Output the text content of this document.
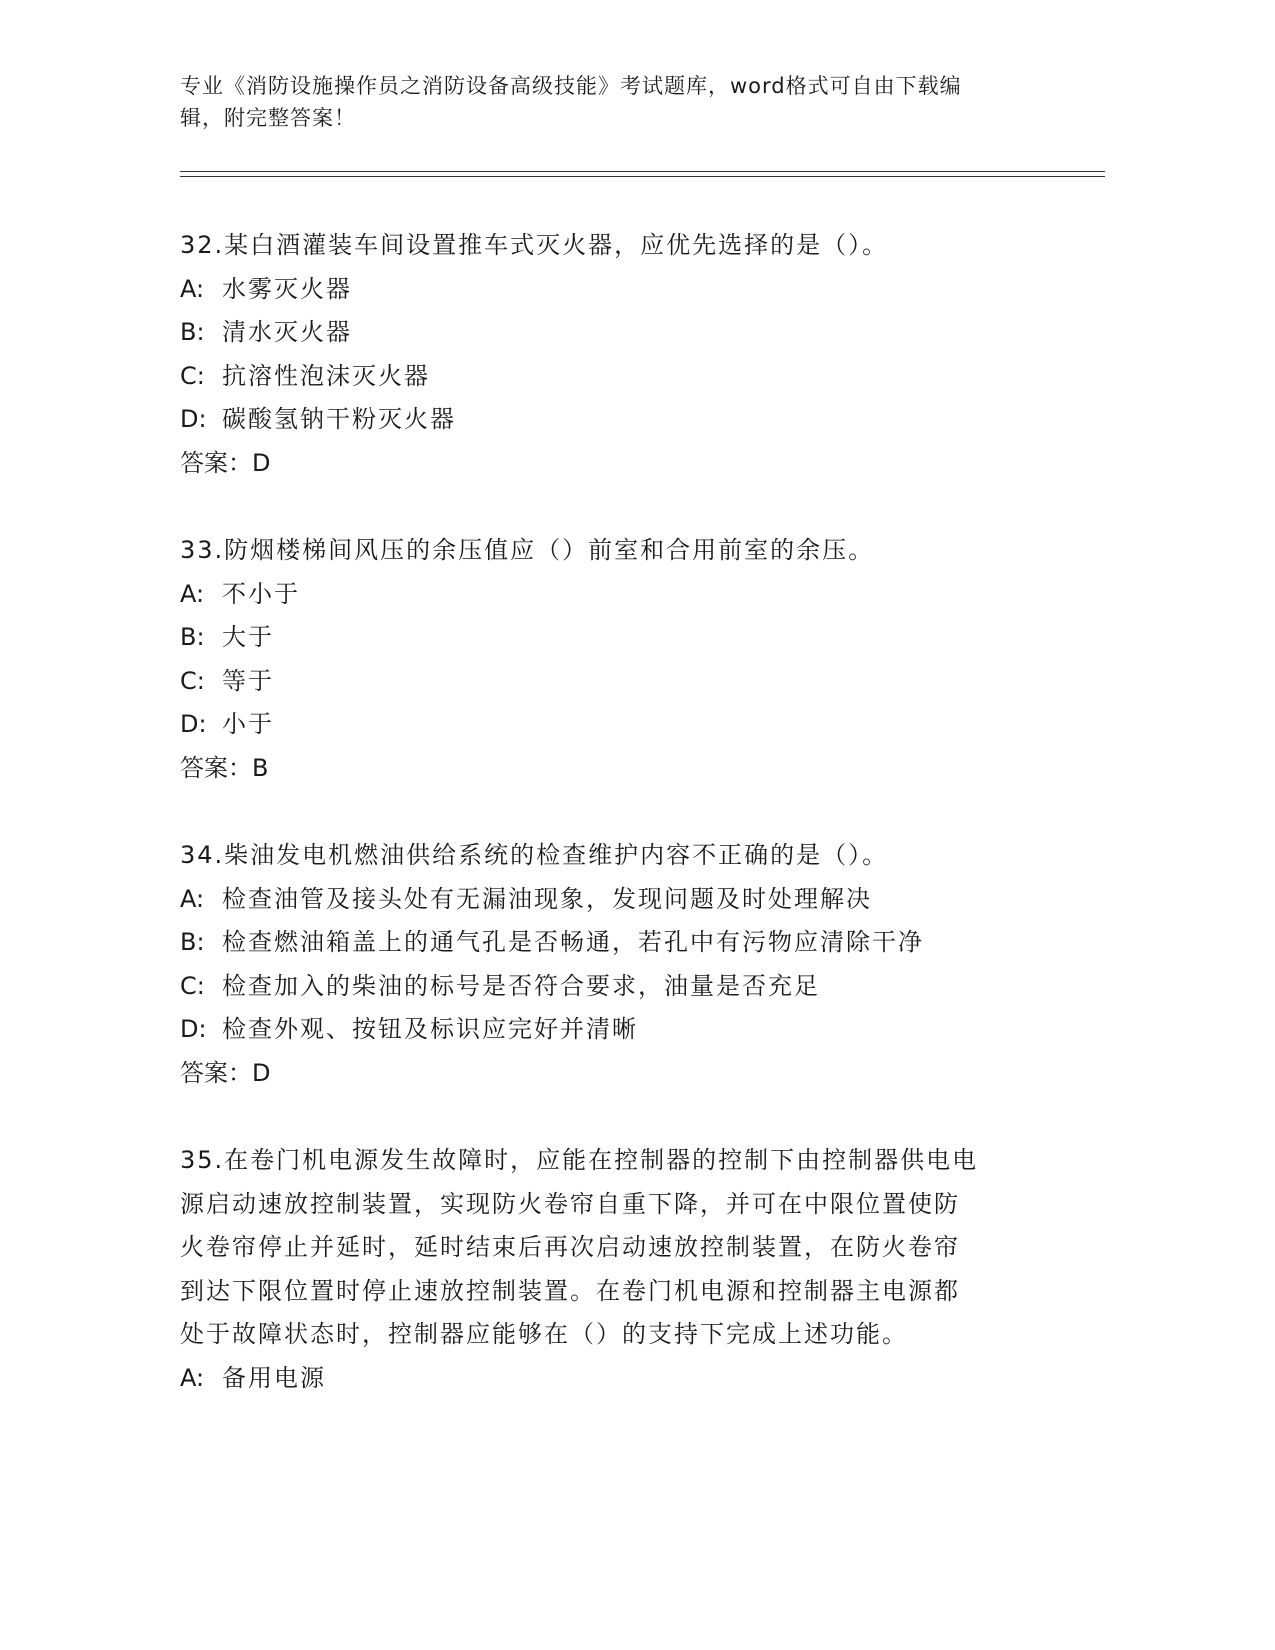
专业《消防设施操作员之消防设备高级技能》考试题库，word格式可自由下载编
辑，附完整答案！
32.某白酒灌装车间设置推车式灭火器，应优先选择的是（）。
A: 水雾灭火器
B: 清水灭火器
C: 抗溶性泡沫灭火器
D: 碳酸氢钠干粉灭火器
答案：D
33.防烟楼梯间风压的余压值应（）前室和合用前室的余压。
A: 不小于
B: 大于
C: 等于
D: 小于
答案：B
34.柴油发电机燃油供给系统的检查维护内容不正确的是（）。
A: 检查油管及接头处有无漏油现象，发现问题及时处理解决
B: 检查燃油箱盖上的通气孔是否畅通，若孔中有污物应清除干净
C: 检查加入的柴油的标号是否符合要求，油量是否充足
D: 检查外观、按钮及标识应完好并清晰
答案：D
35.在卷门机电源发生故障时，应能在控制器的控制下由控制器供电电
源启动速放控制装置，实现防火卷帘自重下降，并可在中限位置使防
火卷帘停止并延时，延时结束后再次启动速放控制装置，在防火卷帘
到达下限位置时停止速放控制装置。在卷门机电源和控制器主电源都
处于故障状态时，控制器应能够在（）的支持下完成上述功能。
A: 备用电源
